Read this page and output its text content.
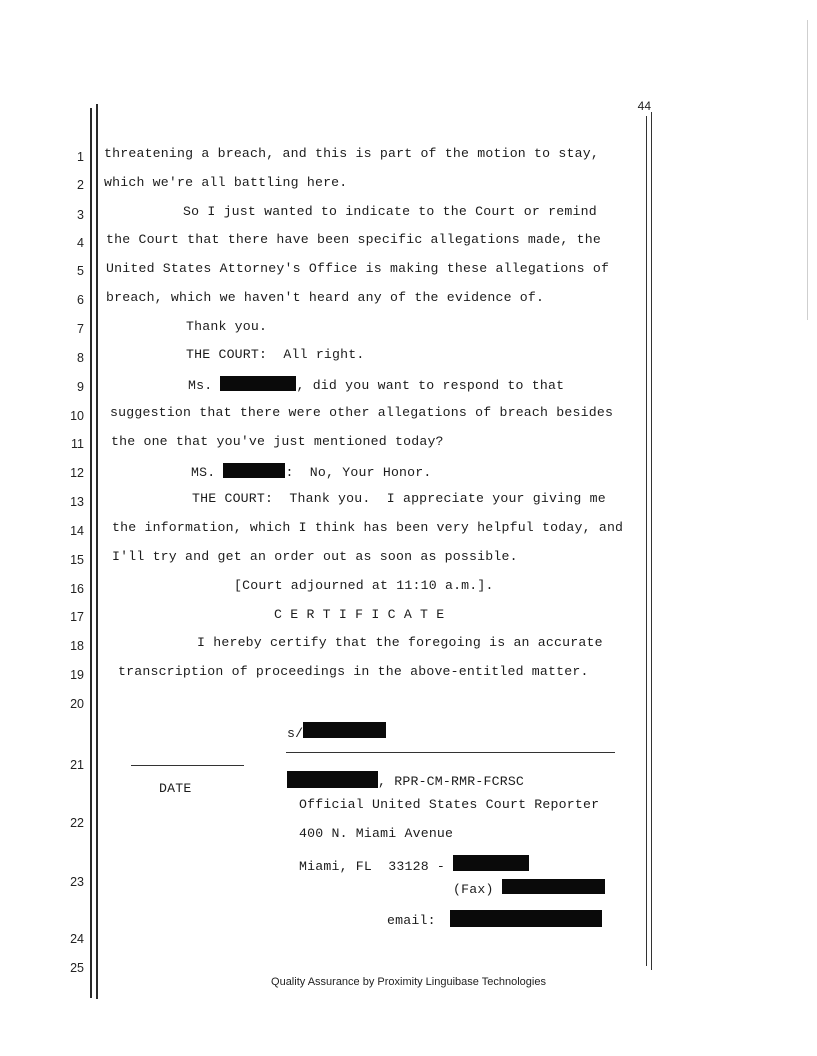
44
1
2
3
4
5
6
7
8
9
10
11
12
13
14
15
16
17
18
19
20
21
22
23
24
25
threatening a breach, and this is part of the motion to stay,
which we're all battling here.
So I just wanted to indicate to the Court or remind
the Court that there have been specific allegations made, the
United States Attorney's Office is making these allegations of
breach, which we haven't heard any of the evidence of.
Thank you.
THE COURT:  All right.
Ms.	, did you want to respond to that
suggestion that there were other allegations of breach besides
the one that you've just mentioned today?
MS.	:  No, Your Honor.
THE COURT:  Thank you.  I appreciate your giving me
the information, which I think has been very helpful today, and
I'll try and get an order out as soon as possible.
[Court adjourned at 11:10 a.m.].
C E R T I F I C A T E
I hereby certify that the foregoing is an accurate
transcription of proceedings in the above-entitled matter.
s/
DATE	, RPR-CM-RMR-FCRSC
Official United States Court Reporter
400 N. Miami Avenue
Miami, FL  33128 -
(Fax)
email:
Quality Assurance by Proximity Linguibase Technologies
